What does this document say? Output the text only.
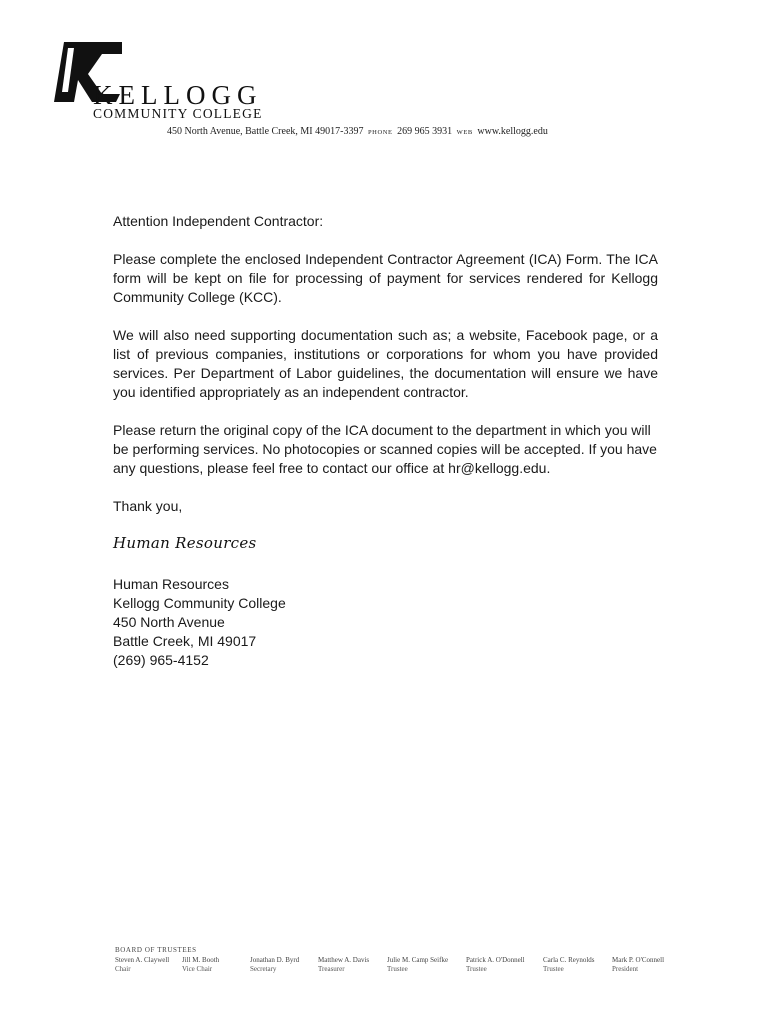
KELLOGG
COMMUNITY COLLEGE
450 North Avenue, Battle Creek, MI 49017-3397 PHONE 269 965 3931 WEB www.kellogg.edu

Attention Independent Contractor:

Please complete the enclosed Independent Contractor Agreement (ICA) Form. The ICA form will be kept on file for processing of payment for services rendered for Kellogg Community College (KCC).

We will also need supporting documentation such as; a website, Facebook page, or a list of previous companies, institutions or corporations for whom you have provided services. Per Department of Labor guidelines, the documentation will ensure we have you identified appropriately as an independent contractor.

Please return the original copy of the ICA document to the department in which you will be performing services. No photocopies or scanned copies will be accepted. If you have any questions, please feel free to contact our office at hr@kellogg.edu.

Thank you,

Human Resources
Human Resources
Kellogg Community College
450 North Avenue
Battle Creek, MI 49017
(269) 965-4152
BOARD OF TRUSTEES
Steven A. Claywell
Chair
Jill M. Booth
Vice Chair
Jonathan D. Byrd
Secretary
Matthew A. Davis
Treasurer
Julie M. Camp Seifke
Trustee
Patrick A. O'Donnell
Trustee
Carla C. Reynolds
Trustee
Mark P. O'Connell
President
